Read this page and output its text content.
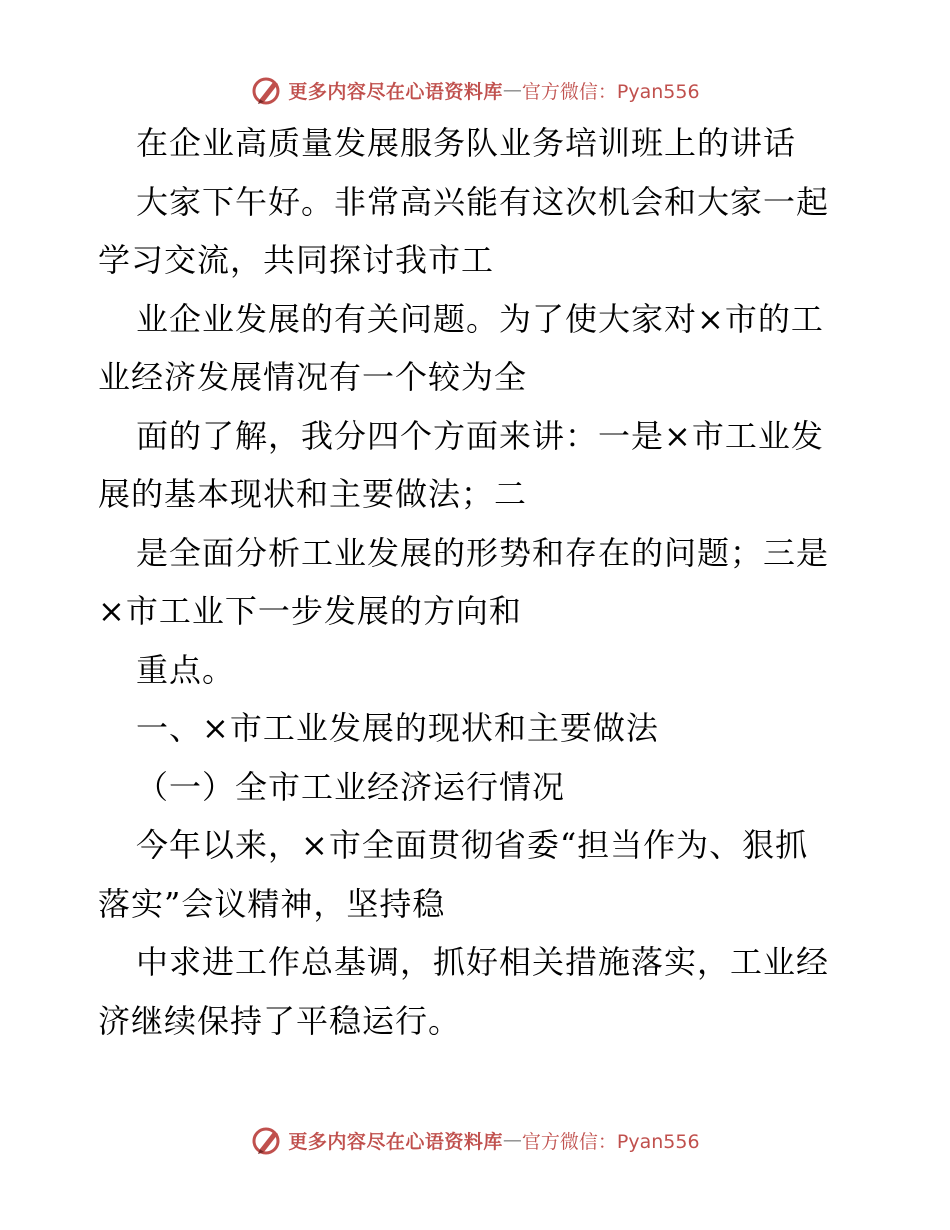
更多内容尽在心语资料库 — 官方微信：Pyan556
在企业高质量发展服务队业务培训班上的讲话
大家下午好。非常高兴能有这次机会和大家一起
学习交流，共同探讨我市工
业企业发展的有关问题。为了使大家对×市的工
业经济发展情况有一个较为全
面的了解，我分四个方面来讲：一是×市工业发
展的基本现状和主要做法；二
是全面分析工业发展的形势和存在的问题；三是
×市工业下一步发展的方向和
重点。
一、×市工业发展的现状和主要做法
（一）全市工业经济运行情况
今年以来，×市全面贯彻省委“担当作为、狠抓
落实”会议精神，坚持稳
中求进工作总基调，抓好相关措施落实，工业经
济继续保持了平稳运行。
更多内容尽在心语资料库 — 官方微信：Pyan556
